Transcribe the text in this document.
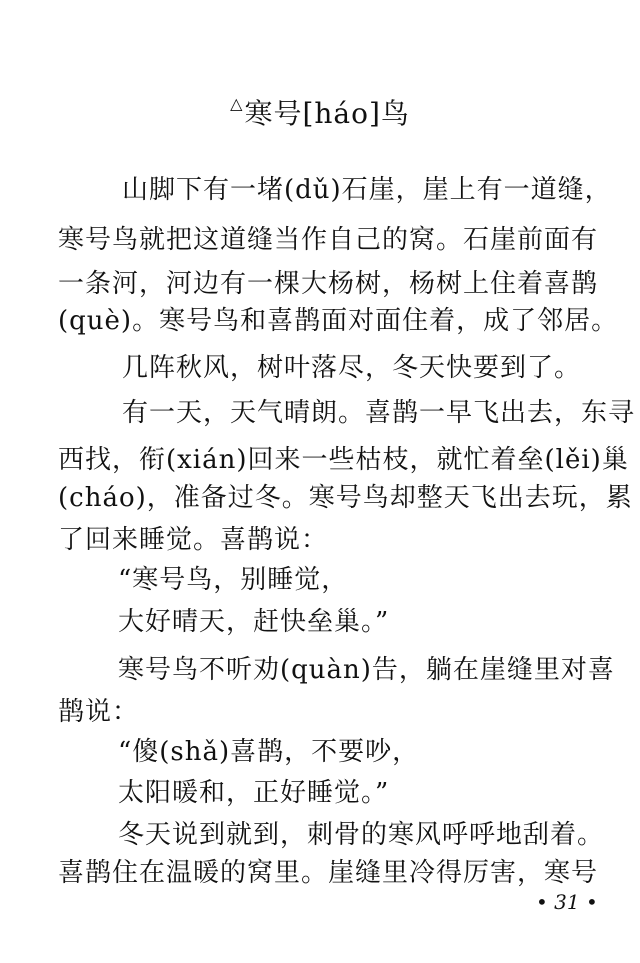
△寒号[háo]鸟
山脚下有一堵(dǔ)石崖，崖上有一道缝，
寒号鸟就把这道缝当作自己的窝。石崖前面有
一条河，河边有一棵大杨树，杨树上住着喜鹊
(què)。寒号鸟和喜鹊面对面住着，成了邻居。
几阵秋风，树叶落尽，冬天快要到了。
有一天，天气晴朗。喜鹊一早飞出去，东寻
西找，衔(xián)回来一些枯枝，就忙着垒(lěi)巢
(cháo)，准备过冬。寒号鸟却整天飞出去玩，累
了回来睡觉。喜鹊说：
“寒号鸟，别睡觉，
大好晴天，赶快垒巢。”
寒号鸟不听劝(quàn)告，躺在崖缝里对喜
鹊说：
“傻(shǎ)喜鹊，不要吵，
太阳暖和，正好睡觉。”
冬天说到就到，刺骨的寒风呼呼地刮着。
喜鹊住在温暖的窝里。崖缝里冷得厉害，寒号
• 31 •
